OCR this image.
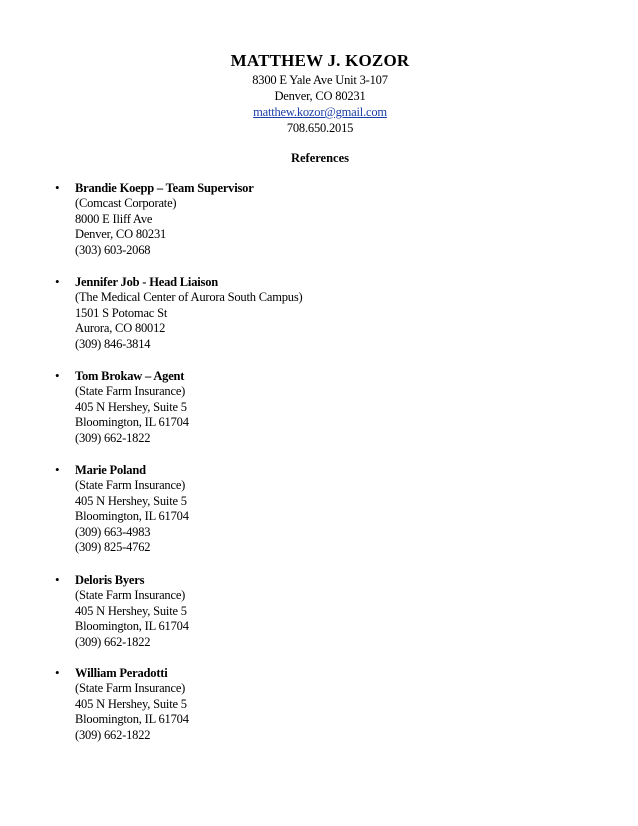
MATTHEW J. KOZOR
8300 E Yale Ave Unit 3-107
Denver, CO 80231
matthew.kozor@gmail.com
708.650.2015
References
• Brandie Koepp – Team Supervisor
(Comcast Corporate)
8000 E Iliff Ave
Denver, CO 80231
(303) 603-2068
• Jennifer Job - Head Liaison
(The Medical Center of Aurora South Campus)
1501 S Potomac St
Aurora, CO 80012
(309) 846-3814
• Tom Brokaw – Agent
(State Farm Insurance)
405 N Hershey, Suite 5
Bloomington, IL 61704
(309) 662-1822
• Marie Poland
(State Farm Insurance)
405 N Hershey, Suite 5
Bloomington, IL 61704
(309) 663-4983
(309) 825-4762
• Deloris Byers
(State Farm Insurance)
405 N Hershey, Suite 5
Bloomington, IL 61704
(309) 662-1822
• William Peradotti
(State Farm Insurance)
405 N Hershey, Suite 5
Bloomington, IL 61704
(309) 662-1822
